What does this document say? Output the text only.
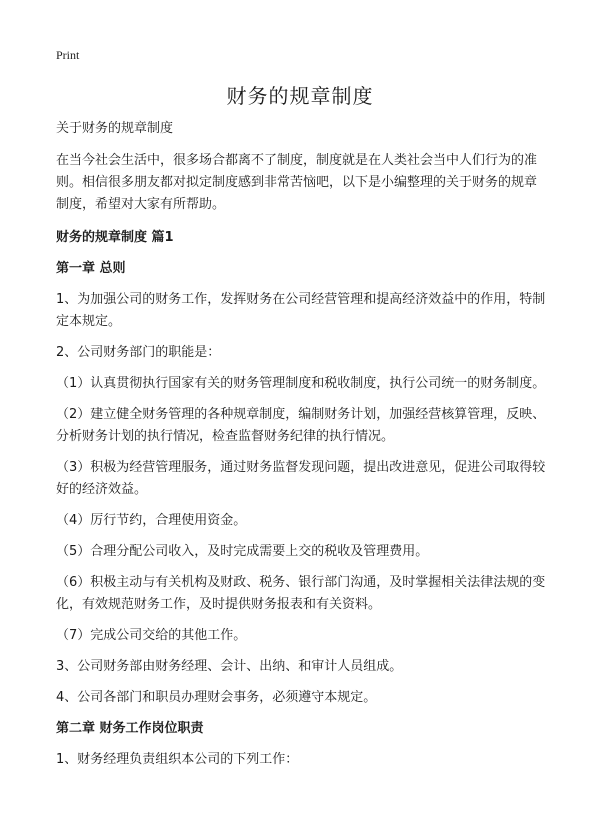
Print
财务的规章制度

关于财务的规章制度

在当今社会生活中，很多场合都离不了制度，制度就是在人类社会当中人们行为的准则。相信很多朋友都对拟定制度感到非常苦恼吧，以下是小编整理的关于财务的规章制度，希望对大家有所帮助。

财务的规章制度 篇1

第一章 总则

1、为加强公司的财务工作，发挥财务在公司经营管理和提高经济效益中的作用，特制定本规定。

2、公司财务部门的职能是：

（1）认真贯彻执行国家有关的财务管理制度和税收制度，执行公司统一的财务制度。

（2）建立健全财务管理的各种规章制度，编制财务计划，加强经营核算管理，反映、分析财务计划的执行情况，检查监督财务纪律的执行情况。

（3）积极为经营管理服务，通过财务监督发现问题，提出改进意见，促进公司取得较好的经济效益。

（4）厉行节约，合理使用资金。

（5）合理分配公司收入，及时完成需要上交的税收及管理费用。

（6）积极主动与有关机构及财政、税务、银行部门沟通，及时掌握相关法律法规的变化，有效规范财务工作，及时提供财务报表和有关资料。

（7）完成公司交给的其他工作。

3、公司财务部由财务经理、会计、出纳、和审计人员组成。

4、公司各部门和职员办理财会事务，必须遵守本规定。

第二章 财务工作岗位职责

1、财务经理负责组织本公司的下列工作：
